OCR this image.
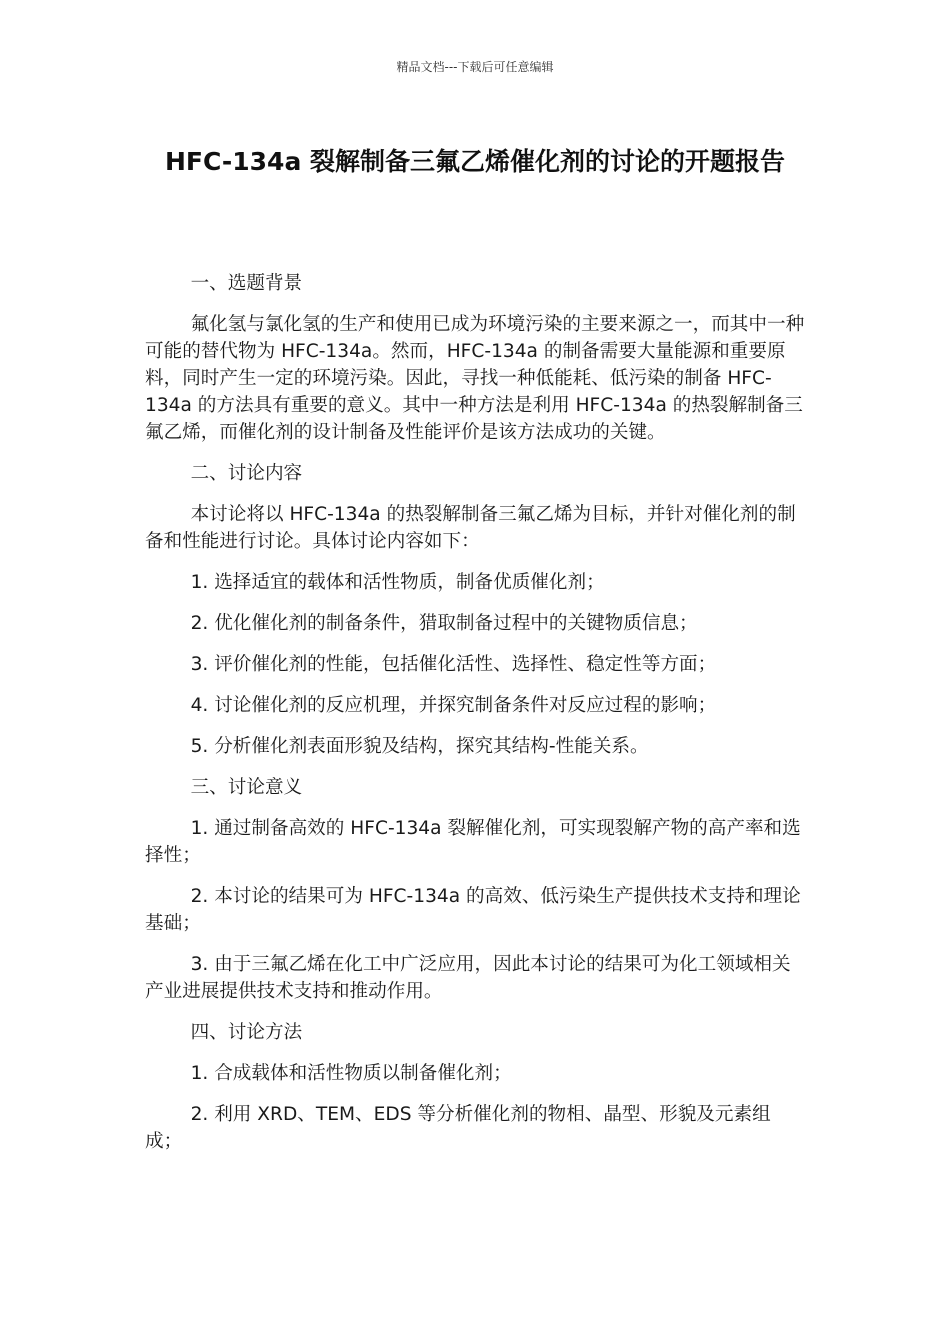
精品文档---下载后可任意编辑
HFC-134a 裂解制备三氟乙烯催化剂的讨论的开题报告
一、选题背景

氟化氢与氯化氢的生产和使用已成为环境污染的主要来源之一，而其中一种可能的替代物为 HFC-134a。然而，HFC-134a 的制备需要大量能源和重要原料，同时产生一定的环境污染。因此，寻找一种低能耗、低污染的制备 HFC-134a 的方法具有重要的意义。其中一种方法是利用 HFC-134a 的热裂解制备三氟乙烯，而催化剂的设计制备及性能评价是该方法成功的关键。

二、讨论内容

本讨论将以 HFC-134a 的热裂解制备三氟乙烯为目标，并针对催化剂的制备和性能进行讨论。具体讨论内容如下：

1. 选择适宜的载体和活性物质，制备优质催化剂；
2. 优化催化剂的制备条件，猎取制备过程中的关键物质信息；
3. 评价催化剂的性能，包括催化活性、选择性、稳定性等方面；
4. 讨论催化剂的反应机理，并探究制备条件对反应过程的影响；
5. 分析催化剂表面形貌及结构，探究其结构-性能关系。
三、讨论意义
1. 通过制备高效的 HFC-134a 裂解催化剂，可实现裂解产物的高产率和选择性；
2. 本讨论的结果可为 HFC-134a 的高效、低污染生产提供技术支持和理论基础；
3. 由于三氟乙烯在化工中广泛应用，因此本讨论的结果可为化工领域相关产业进展提供技术支持和推动作用。
四、讨论方法
1. 合成载体和活性物质以制备催化剂；
2. 利用 XRD、TEM、EDS 等分析催化剂的物相、晶型、形貌及元素组成；
